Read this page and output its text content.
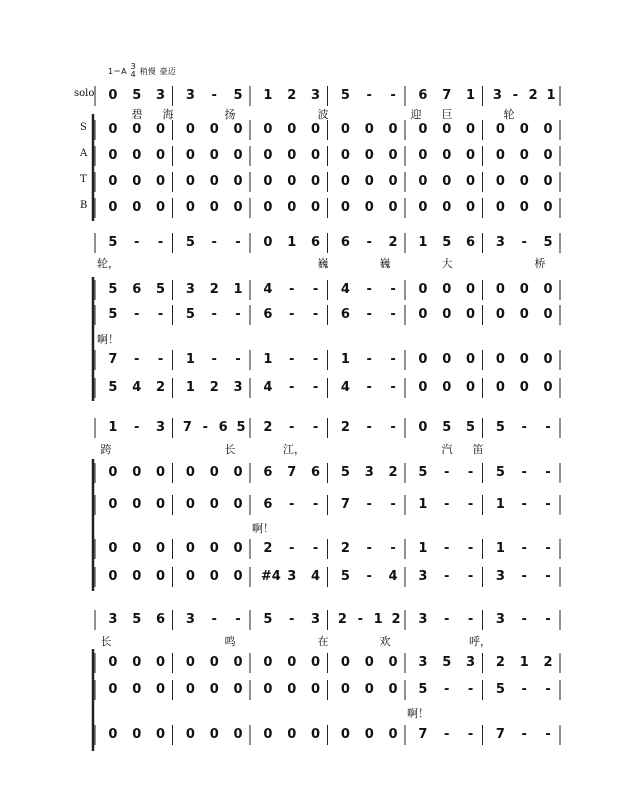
1＝A 3
4 稍慢 豪迈
solo
S
A
T
B
0 5 3 3	-	5 1 2 3 5	-	-	6 7 1 3 - 2 1
0 0 0 0 0 0 0 0 0 0 0 0 0 0 0 0 0 0
0 0 0 0 0 0 0 0 0 0 0 0 0 0 0 0 0 0
0 0 0 0 0 0 0 0 0 0 0 0 0 0 0 0 0 0
0 0 0 0 0 0 0 0 0 0 0 0 0 0 0 0 0 0
碧	海	扬	波	迎	巨	轮
5	-	-	5	-	-	0 1 6 6	-	2 1 5 6 3	-	5
5 6 5 3 2 1 4	-	-	4	-	-	0 0 0 0 0 0
5	-	-	5	-	-	6	-	-	6	-	-	0 0 0 0 0 0
7	-	-	1	-	-	1	-	-	1	-	-	0 0 0 0 0 0
5 4 2 1 2 3 4	-	-	4	-	-	0 0 0 0 0 0
轮，	巍	巍	大	桥
啊！
1	-	3 7 - 6 5 2	-	-	2	-	-	0 5 5 5	-	-
0 0 0 0 0 0 6 7 6 5 3 2 5	-	-	5	-	-
0 0 0 0 0 0 6	-	-	7	-	-	1	-	-	1	-	-
0 0 0 0 0 0 2	-	-	2	-	-	1	-	-	1	-	-
0 0 0 0 0 0 #4 3 4 5	-	4 3	-	-	3	-	-
跨	长	江，	汽	笛
啊！
3 5 6 3	-	-	5	-	3 2 - 1 2 3	-	-	3	-	-
0 0 0 0 0 0 0 0 0 0 0 0 3 5 3 2 1 2
0 0 0 0 0 0 0 0 0 0 0 0 5	-	-	5	-	-
0 0 0 0 0 0 0 0 0 0 0 0 7	-	-	7	-	-
长	鸣	在	欢	呼，
啊！
